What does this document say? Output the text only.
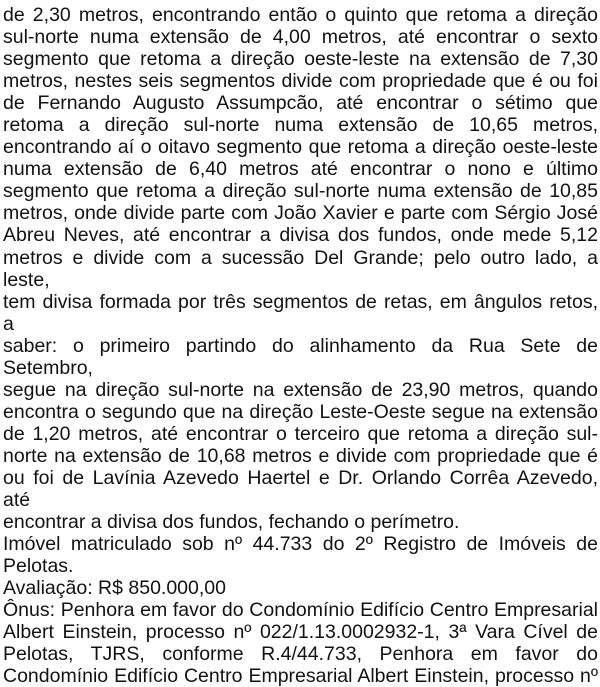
de 2,30 metros, encontrando então o quinto que retoma a direção
sul-norte numa extensão de 4,00 metros, até encontrar o sexto
segmento que retoma a direção oeste-leste na extensão de 7,30
metros, nestes seis segmentos divide com propriedade que é ou foi
de Fernando Augusto Assumpcão, até encontrar o sétimo que
retoma a direção sul-norte numa extensão de 10,65 metros,
encontrando aí o oitavo segmento que retoma a direção oeste-leste
numa extensão de 6,40 metros até encontrar o nono e último
segmento que retoma a direção sul-norte numa extensão de 10,85
metros, onde divide parte com João Xavier e parte com Sérgio José
Abreu Neves, até encontrar a divisa dos fundos, onde mede 5,12
metros e divide com a sucessão Del Grande; pelo outro lado, a leste,
tem divisa formada por três segmentos de retas, em ângulos retos, a
saber: o primeiro partindo do alinhamento da Rua Sete de Setembro,
segue na direção sul-norte na extensão de 23,90 metros, quando
encontra o segundo que na direção Leste-Oeste segue na extensão
de 1,20 metros, até encontrar o terceiro que retoma a direção sul-
norte na extensão de 10,68 metros e divide com propriedade que é
ou foi de Lavínia Azevedo Haertel e Dr. Orlando Corrêa Azevedo, até
encontrar a divisa dos fundos, fechando o perímetro.
Imóvel matriculado sob nº 44.733 do 2º Registro de Imóveis de
Pelotas.
Avaliação: R$ 850.000,00
Ônus: Penhora em favor do Condomínio Edifício Centro Empresarial
Albert Einstein, processo nº 022/1.13.0002932-1, 3ª Vara Cível de
Pelotas, TJRS, conforme R.4/44.733, Penhora em favor do
Condomínio Edifício Centro Empresarial Albert Einstein, processo nº
